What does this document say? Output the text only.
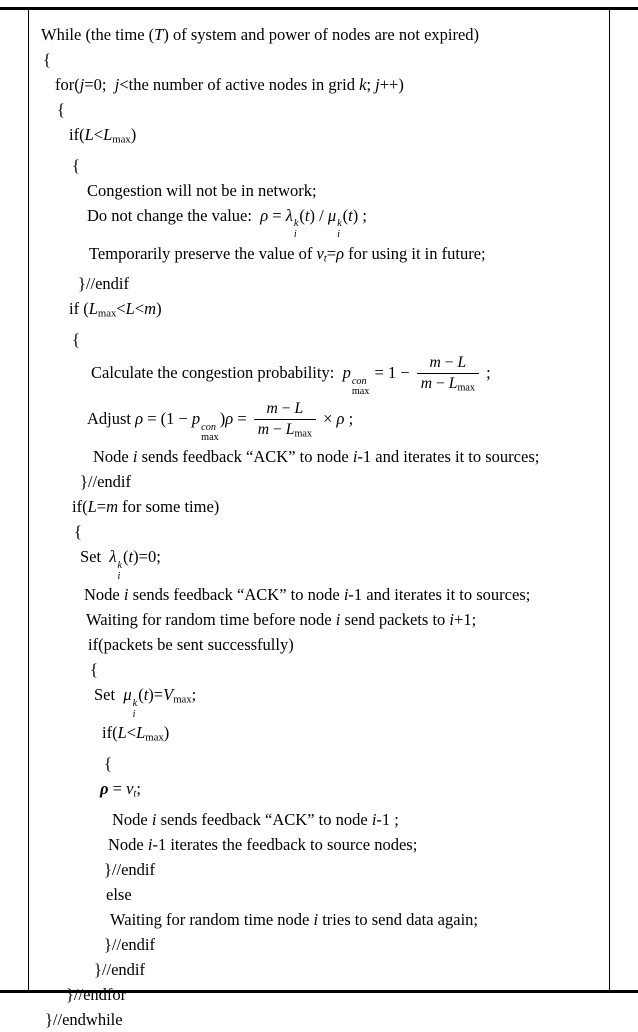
While (the time (T) of system and power of nodes are not expired)
{
for(j=0;  j<the number of active nodes in grid k; j++)
{
$if(L<L_{max})$
{
Congestion will not be in network;
Do not change the value:  ρ = λ k
i
(t) / μ k
i
(t) ;
Temporarily preserve the value of vt=ρ for using it in future;
}//endif
if $(L_{max}<L<m)$
{
Calculate the congestion probability:  p con
max
= $1 - \frac{m - L}{m - L_{max}}$ ;
Adjust ρ = (1 − p con
max
)$\rho = \frac{m - L}{m - L_{max}} \times \rho$ ;
Node i sends feedback “ACK” to node i-1 and iterates it to sources;
}//endif
if(L=m for some time)
{
Set  λ k
i
(t)=0;
Node i sends feedback “ACK” to node i-1 and iterates it to sources;
Waiting for random time before node i send packets to i+1;
if(packets be sent successfully)
{
Set  μ k
i
$(t)=V_{max}$;
$if(L<L_{max})$
{
ρ = vt;
Node i sends feedback “ACK” to node i-1 ;
Node i-1 iterates the feedback to source nodes;
}//endif
else
Waiting for random time node i tries to send data again;
}//endif
}//endif
}//endfor
}//endwhile
